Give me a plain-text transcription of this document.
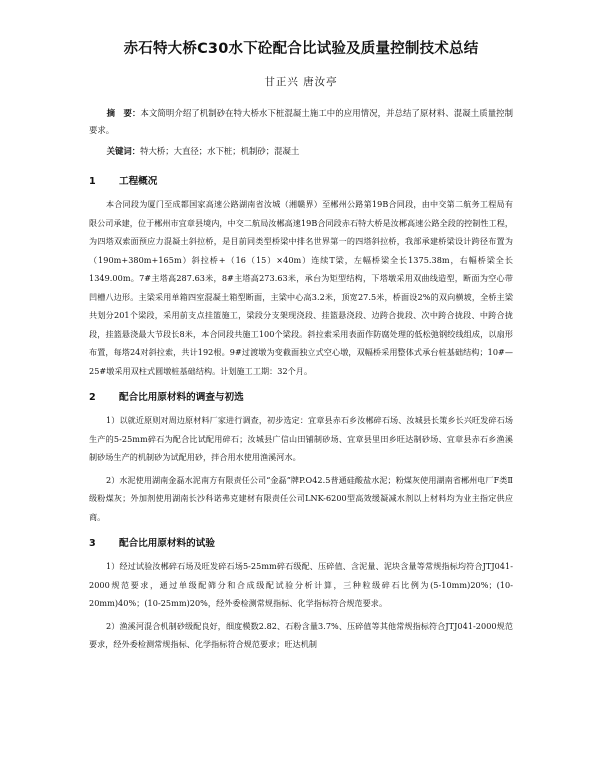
赤石特大桥C30水下砼配合比试验及质量控制技术总结
甘正兴 唐汝亭

摘　要：本文简明介绍了机制砂在特大桥水下桩混凝土施工中的应用情况，并总结了原材料、混凝土质量控制要求。

关键词：特大桥；大直径；水下桩；机制砂；混凝土

1	工程概况

本合同段为厦门至成都国家高速公路湖南省汝城（湘赣界）至郴州公路第19B合同段，由中交第二航务工程局有限公司承建，位于郴州市宜章县境内，中交二航局汝郴高速19B合同段赤石特大桥是汝郴高速公路全段的控制性工程，为四塔双索面预应力混凝土斜拉桥，是目前同类型桥梁中排名世界第一的四塔斜拉桥，我部承建桥梁设计跨径布置为（190m+380m+165m）斜拉桥+（16（15）×40m）连续T梁，左幅桥梁全长1375.38m，右幅桥梁全长1349.00m。7#主塔高287.63米，8#主塔高273.63米，承台为矩型结构，下塔墩采用双曲线造型，断面为空心带凹槽八边形。主梁采用单箱四室混凝土箱型断面，主梁中心高3.2米，顶宽27.5米，桥面设2%的双向横坡，全桥主梁共划分201个梁段，采用前支点挂篮施工，梁段分支架现浇段、挂篮悬浇段、边跨合拢段、次中跨合拢段、中跨合拢段，挂篮悬浇最大节段长8米，本合同段共施工100个梁段。斜拉索采用表面作防腐处理的低松弛钢绞线组成，以扇形布置，每塔24对斜拉索，共计192根。9#过渡墩为变截面独立式空心墩，双幅桥采用整体式承台桩基础结构；10#—25#墩采用双柱式圆墩桩基础结构。计划施工工期：32个月。

2	配合比用原材料的调查与初选

1）以就近原则对周边原材料厂家进行调查，初步选定：宜章县赤石乡汝郴碎石场、汝城县长策乡长兴旺发碎石场生产的5-25mm碎石为配合比试配用碎石；汝城县广信山田铺制砂场、宜章县里田乡旺达制砂场、宜章县赤石乡渔溪制砂场生产的机制砂为试配用砂，拌合用水使用渔溪河水。

2）水泥使用湖南金磊水泥南方有限责任公司“金磊”牌P.O42.5普通硅酸盐水泥；粉煤灰使用湖南省郴州电厂F类Ⅱ级粉煤灰；外加剂使用湖南长沙科诺弗克建材有限责任公司LNK-6200型高效缓凝减水剂以上材料均为业主指定供应商。

3	配合比用原材料的试验

1）经过试验汝郴碎石场及旺发碎石场5-25mm碎石级配、压碎值、含泥量、泥块含量等常规指标均符合JTJ041-2000规范要求，通过单级配筛分和合成级配试验分析计算，三种粒级碎石比例为(5-10mm)20%；(10-20mm)40%；(10-25mm)20%，经外委检测常规指标、化学指标符合规范要求。

2）渔溪河混合机制砂级配良好，细度模数2.82、石粉含量3.7%、压碎值等其他常规指标符合JTJ041-2000规范要求，经外委检测常规指标、化学指标符合规范要求；旺达机制
